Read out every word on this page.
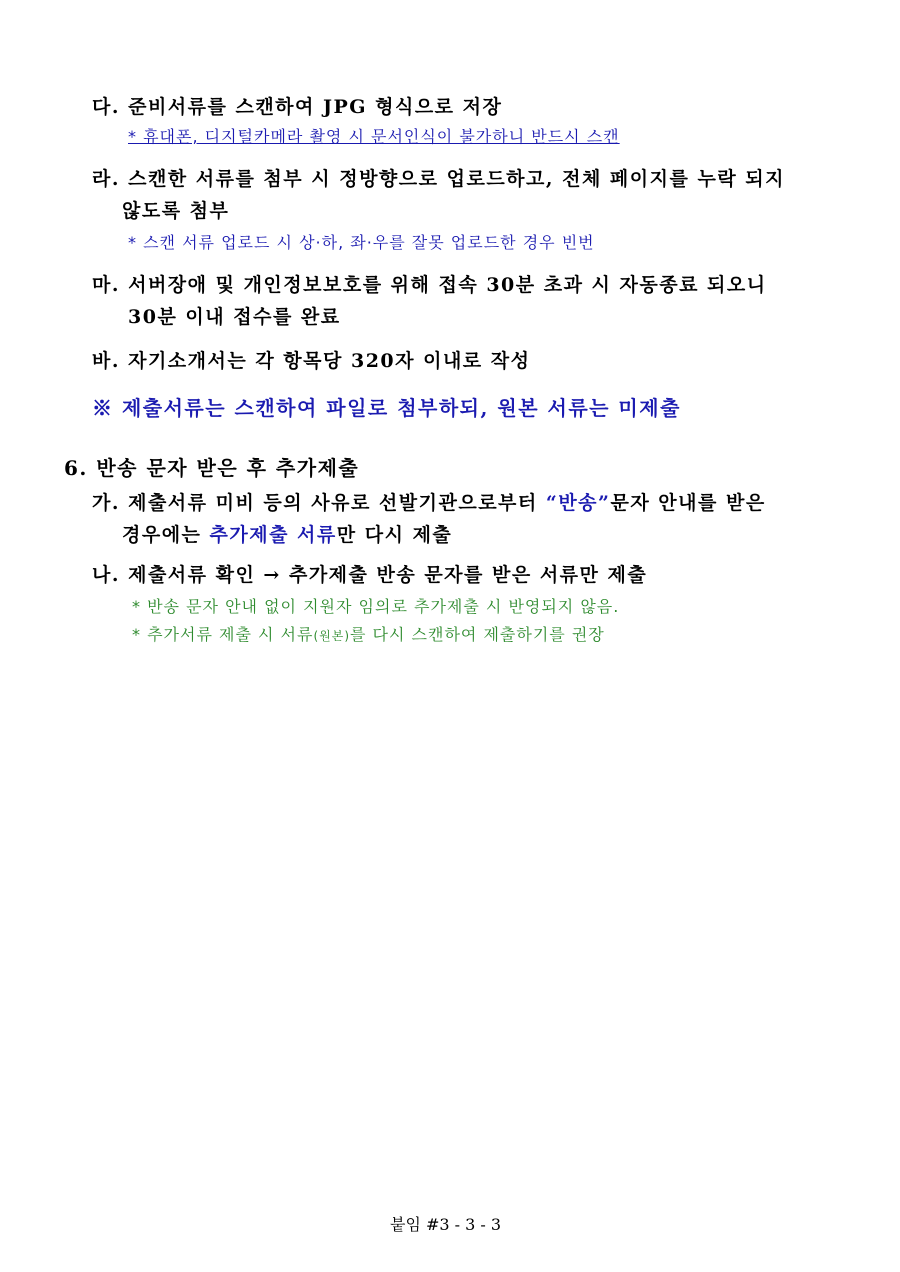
다. 준비서류를 스캔하여 JPG 형식으로 저장
* 휴대폰, 디지털카메라 촬영 시 문서인식이 불가하니 반드시 스캔
라. 스캔한 서류를 첨부 시 정방향으로 업로드하고, 전체 페이지를 누락 되지
않도록 첨부
* 스캔 서류 업로드 시 상·하, 좌·우를 잘못 업로드한 경우 빈번
마. 서버장애 및 개인정보보호를 위해 접속 30분 초과 시 자동종료 되오니
30분 이내 접수를 완료
바. 자기소개서는 각 항목당 320자 이내로 작성
※ 제출서류는 스캔하여 파일로 첨부하되, 원본 서류는 미제출
6. 반송 문자 받은 후 추가제출
가. 제출서류 미비 등의 사유로 선발기관으로부터 “반송”문자 안내를 받은
경우에는 추가제출 서류만 다시 제출
나. 제출서류 확인 → 추가제출 반송 문자를 받은 서류만 제출
* 반송 문자 안내 없이 지원자 임의로 추가제출 시 반영되지 않음.
* 추가서류 제출 시 서류(원본)를 다시 스캔하여 제출하기를 권장
붙임 #3 - 3 - 3
